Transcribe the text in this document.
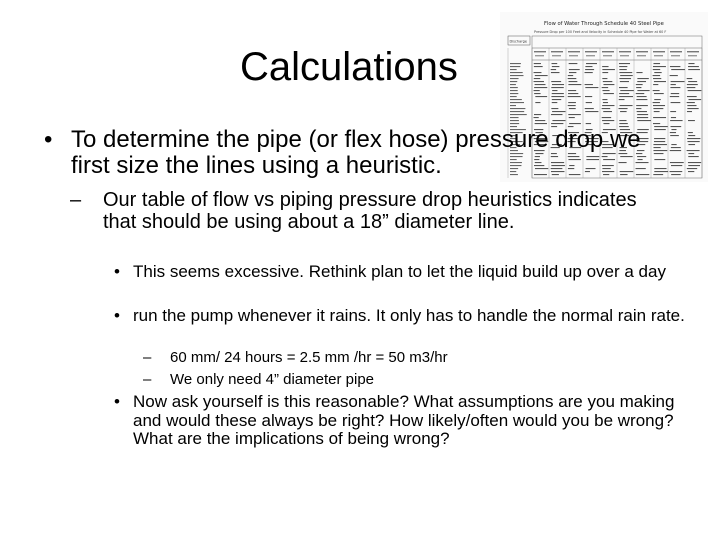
Flow of Water Through Schedule 40 Steel Pipe
Pressure Drop per 100 Feet and Velocity in Schedule 40 Pipe for Water at 60 F
Discharge
Calculations
• To determine the pipe (or flex hose) pressure drop we first size the lines using a heuristic.
– Our table of flow vs piping pressure drop heuristics indicates that should be using about a 18” diameter line.
• This seems excessive. Rethink plan to let the liquid build up over a day
• run the pump whenever it rains. It only has to handle the normal rain rate.
– 60 mm/ 24 hours = 2.5 mm /hr = 50 m3/hr
– We only need 4” diameter pipe
• Now ask yourself is this reasonable? What assumptions are you making and would these always be right? How likely/often would you be wrong? What are the implications of being wrong?
